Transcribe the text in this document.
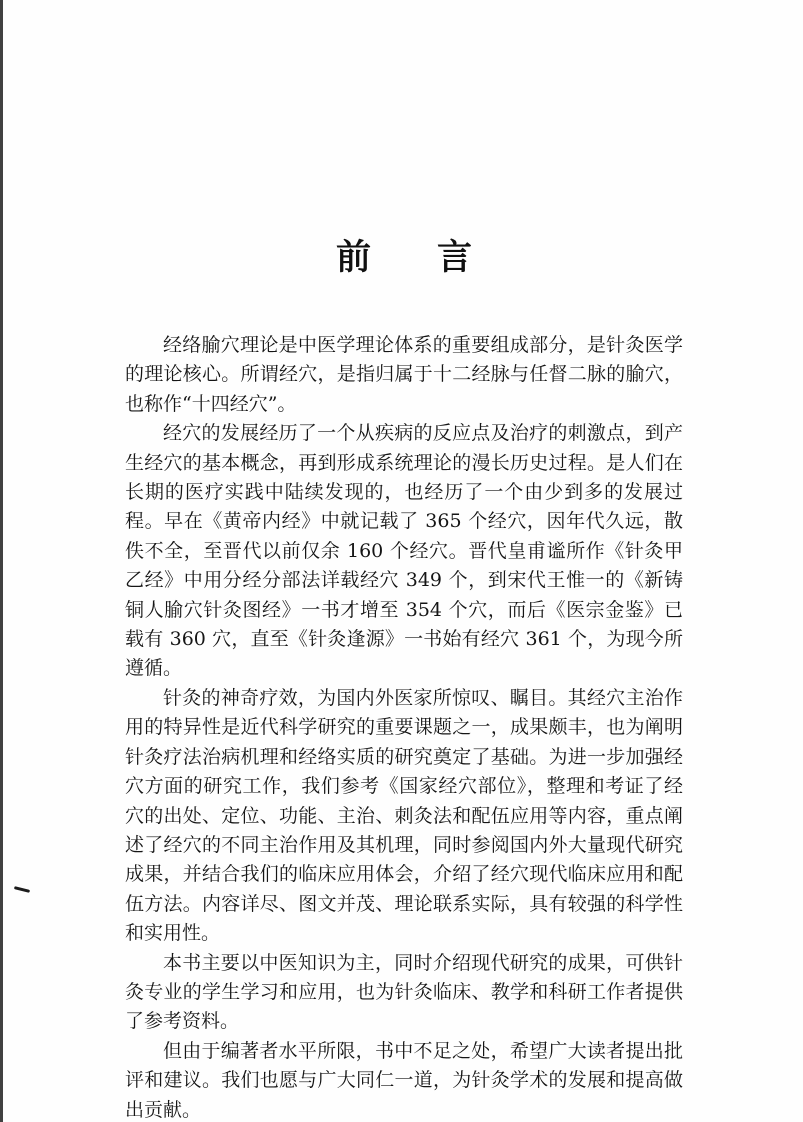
前 言

经络腧穴理论是中医学理论体系的重要组成部分，是针灸医学的理论核心。所谓经穴，是指归属于十二经脉与任督二脉的腧穴，也称作“十四经穴”。

经穴的发展经历了一个从疾病的反应点及治疗的刺激点，到产生经穴的基本概念，再到形成系统理论的漫长历史过程。是人们在长期的医疗实践中陆续发现的，也经历了一个由少到多的发展过程。早在《黄帝内经》中就记载了 365 个经穴，因年代久远，散佚不全，至晋代以前仅余 160 个经穴。晋代皇甫谧所作《针灸甲乙经》中用分经分部法详载经穴 349 个，到宋代王惟一的《新铸铜人腧穴针灸图经》一书才增至 354 个穴，而后《医宗金鉴》已载有 360 穴，直至《针灸逢源》一书始有经穴 361 个，为现今所遵循。

针灸的神奇疗效，为国内外医家所惊叹、瞩目。其经穴主治作用的特异性是近代科学研究的重要课题之一，成果颇丰，也为阐明针灸疗法治病机理和经络实质的研究奠定了基础。为进一步加强经穴方面的研究工作，我们参考《国家经穴部位》，整理和考证了经穴的出处、定位、功能、主治、刺灸法和配伍应用等内容，重点阐述了经穴的不同主治作用及其机理，同时参阅国内外大量现代研究成果，并结合我们的临床应用体会，介绍了经穴现代临床应用和配伍方法。内容详尽、图文并茂、理论联系实际，具有较强的科学性和实用性。

本书主要以中医知识为主，同时介绍现代研究的成果，可供针灸专业的学生学习和应用，也为针灸临床、教学和科研工作者提供了参考资料。

但由于编著者水平所限，书中不足之处，希望广大读者提出批评和建议。我们也愿与广大同仁一道，为针灸学术的发展和提高做出贡献。
